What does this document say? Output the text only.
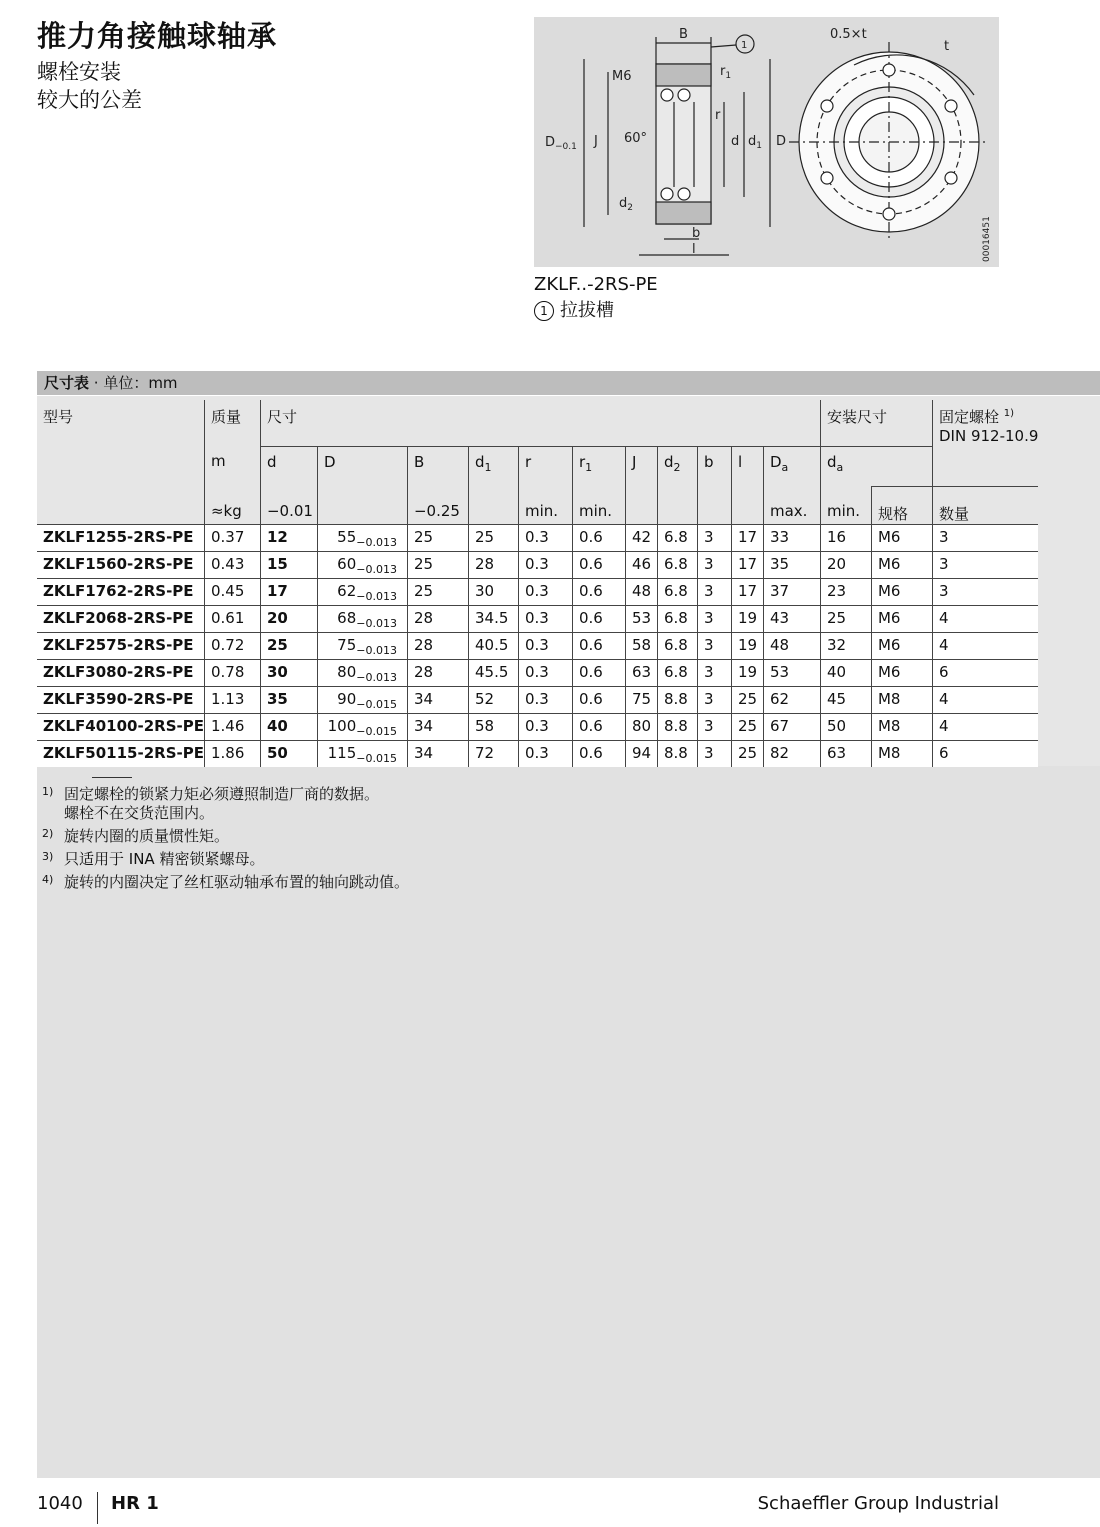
推力角接触球轴承
螺栓安装
较大的公差
B
1
M6	$r_1$
r
$D_{-0.1}$ J 60°	d $d_1$ D
$d_2$
b
l
0.5×t
t
00016451
ZKLF..-2RS-PE
1 拉拔槽
尺寸表 · 单位：mm
型号	质量	尺寸											安装尺寸		固定螺栓 $^{1)}$
DIN 912-10.9
	m	d	D	B	$d_1$	r	$r_1$	J	$d_2$	b	l	$D_a$	$d_a$
	≈kg	−0.01		−0.25		min.	min.					max.	min.	规格	数量
ZKLF1255-2RS-PE	0.37	12	$55_{-0.013}$	25	25	0.3	0.6	42	6.8	3	17	33	16	M6	3
ZKLF1560-2RS-PE	0.43	15	$60_{-0.013}$	25	28	0.3	0.6	46	6.8	3	17	35	20	M6	3
ZKLF1762-2RS-PE	0.45	17	$62_{-0.013}$	25	30	0.3	0.6	48	6.8	3	17	37	23	M6	3
ZKLF2068-2RS-PE	0.61	20	$68_{-0.013}$	28	34.5	0.3	0.6	53	6.8	3	19	43	25	M6	4
ZKLF2575-2RS-PE	0.72	25	$75_{-0.013}$	28	40.5	0.3	0.6	58	6.8	3	19	48	32	M6	4
ZKLF3080-2RS-PE	0.78	30	$80_{-0.013}$	28	45.5	0.3	0.6	63	6.8	3	19	53	40	M6	6
ZKLF3590-2RS-PE	1.13	35	$90_{-0.015}$	34	52	0.3	0.6	75	8.8	3	25	62	45	M8	4
ZKLF40100-2RS-PE	1.46	40	$100_{-0.015}$	34	58	0.3	0.6	80	8.8	3	25	67	50	M8	4
ZKLF50115-2RS-PE	1.86	50	$115_{-0.015}$	34	72	0.3	0.6	94	8.8	3	25	82	63	M8	6
1) 固定螺栓的锁紧力矩必须遵照制造厂商的数据。
螺栓不在交货范围内。
2) 旋转内圈的质量惯性矩。
3) 只适用于 INA 精密锁紧螺母。
4) 旋转的内圈决定了丝杠驱动轴承布置的轴向跳动值。
1040 HR 1	Schaeffler Group Industrial
